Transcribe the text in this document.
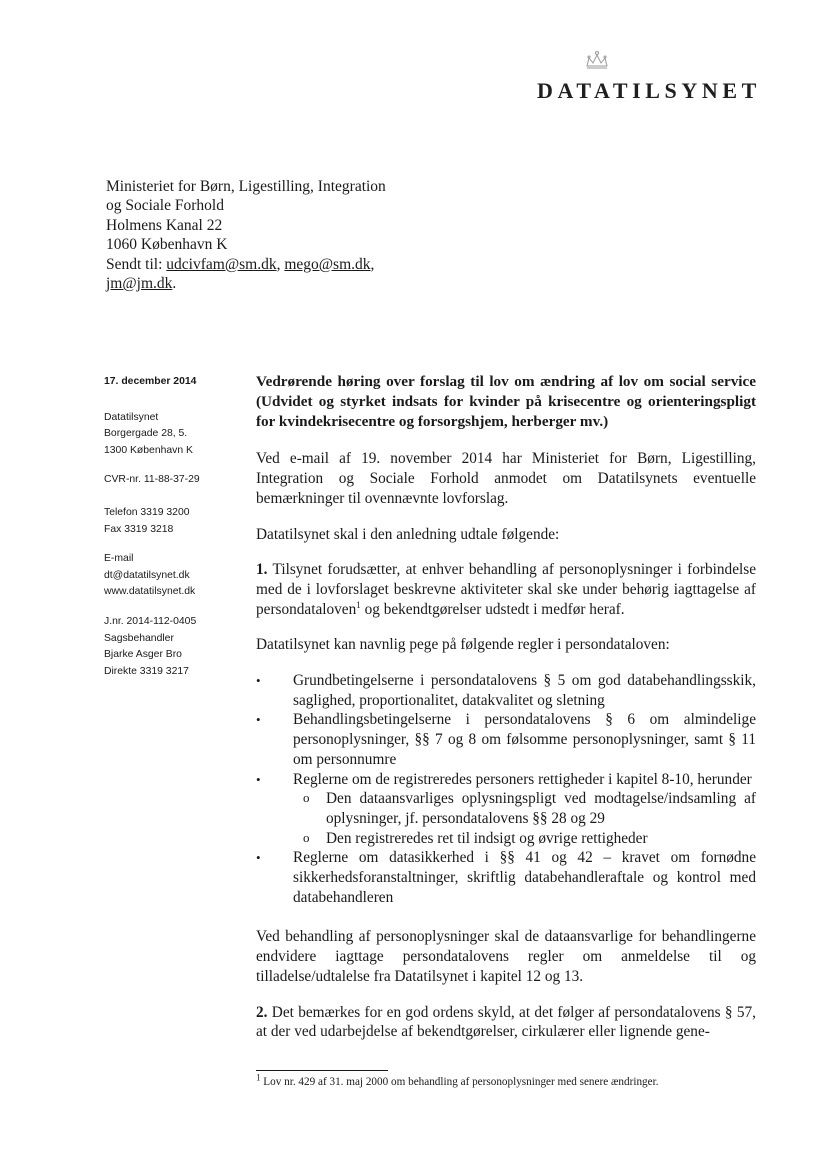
DATATILSYNET
Ministeriet for Børn, Ligestilling, Integration
og Sociale Forhold
Holmens Kanal 22
1060 København K
Sendt til: udcivfam@sm.dk, mego@sm.dk,
jm@jm.dk.
17. december 2014
Datatilsynet
Borgergade 28, 5.
1300 København K
CVR-nr. 11-88-37-29
Telefon 3319 3200
Fax 3319 3218
E-mail
dt@datatilsynet.dk
www.datatilsynet.dk
J.nr. 2014-112-0405
Sagsbehandler
Bjarke Asger Bro
Direkte 3319 3217

Vedrørende høring over forslag til lov om ændring af lov om social service (Udvidet og styrket indsats for kvinder på krisecentre og orienteringspligt for kvindekrisecentre og forsorgshjem, herberger mv.)

Ved e-mail af 19. november 2014 har Ministeriet for Børn, Ligestilling, Integration og Sociale Forhold anmodet om Datatilsynets eventuelle bemærkninger til ovennævnte lovforslag.

Datatilsynet skal i den anledning udtale følgende:

1. Tilsynet forudsætter, at enhver behandling af personoplysninger i forbindelse med de i lovforslaget beskrevne aktiviteter skal ske under behørig iagttagelse af persondataloven$^1$ og bekendtgørelser udstedt i medfør heraf.

Datatilsynet kan navnlig pege på følgende regler i persondataloven:

• Grundbetingelserne i persondatalovens § 5 om god databehandlingsskik, saglighed, proportionalitet, datakvalitet og sletning
• Behandlingsbetingelserne i persondatalovens § 6 om almindelige personoplysninger, §§ 7 og 8 om følsomme personoplysninger, samt § 11 om personnumre
• Reglerne om de registreredes personers rettigheder i kapitel 8-10, herunder
o Den dataansvarliges oplysningspligt ved modtagelse/indsamling af oplysninger, jf. persondatalovens §§ 28 og 29
o Den registreredes ret til indsigt og øvrige rettigheder
• Reglerne om datasikkerhed i §§ 41 og 42 – kravet om fornødne sikkerhedsforanstaltninger, skriftlig databehandleraftale og kontrol med databehandleren

Ved behandling af personoplysninger skal de dataansvarlige for behandlingerne endvidere iagttage persondatalovens regler om anmeldelse til og tilladelse/udtalelse fra Datatilsynet i kapitel 12 og 13.

2. Det bemærkes for en god ordens skyld, at det følger af persondatalovens § 57, at der ved udarbejdelse af bekendtgørelser, cirkulærer eller lignende gene-

$^1$ Lov nr. 429 af 31. maj 2000 om behandling af personoplysninger med senere ændringer.
